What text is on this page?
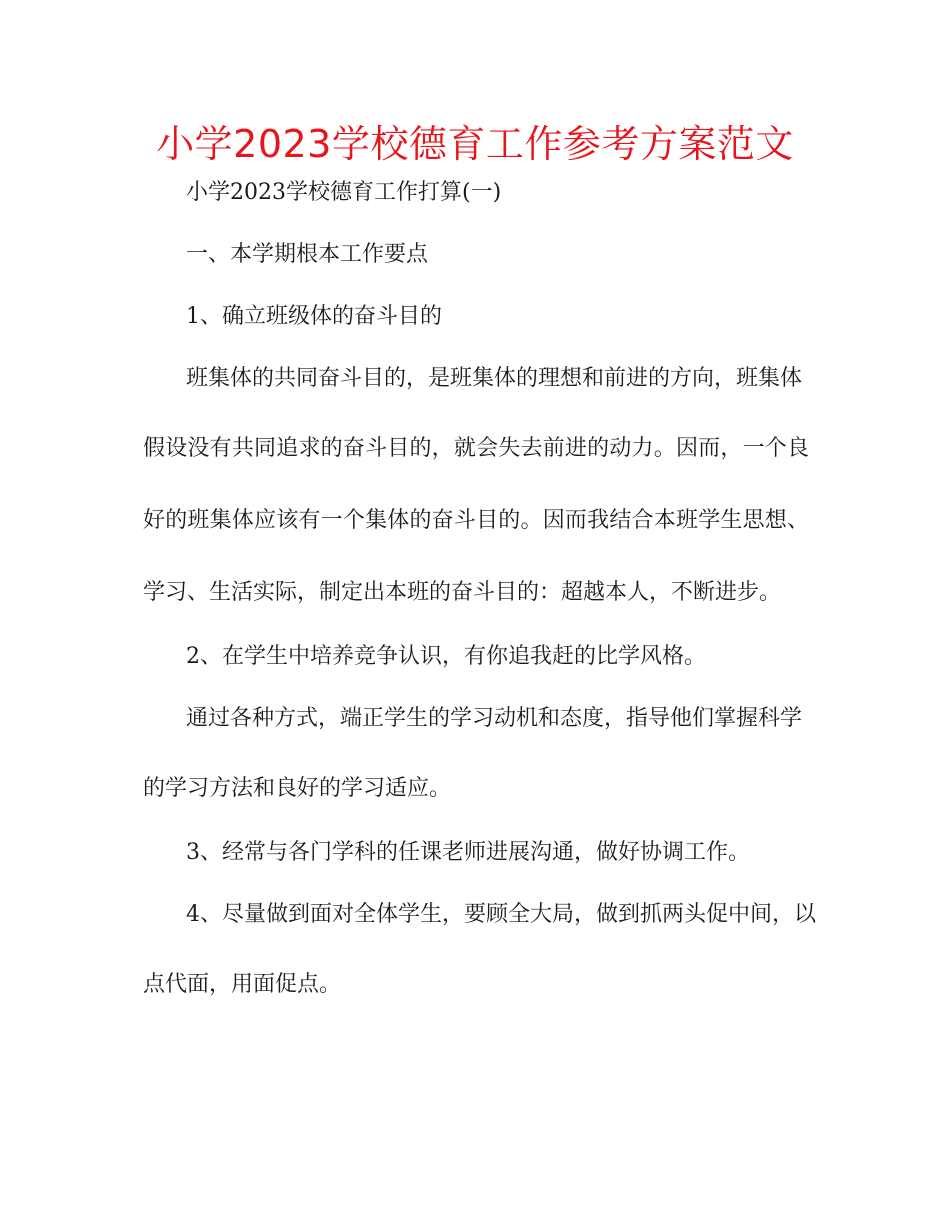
小学2023学校德育工作参考方案范文
小学2023学校德育工作打算(一)
一、本学期根本工作要点
1、确立班级体的奋斗目的
班集体的共同奋斗目的，是班集体的理想和前进的方向，班集体
假设没有共同追求的奋斗目的，就会失去前进的动力。因而，一个良
好的班集体应该有一个集体的奋斗目的。因而我结合本班学生思想、
学习、生活实际，制定出本班的奋斗目的：超越本人，不断进步。
2、在学生中培养竞争认识，有你追我赶的比学风格。
通过各种方式，端正学生的学习动机和态度，指导他们掌握科学
的学习方法和良好的学习适应。
3、经常与各门学科的任课老师进展沟通，做好协调工作。
4、尽量做到面对全体学生，要顾全大局，做到抓两头促中间，以
点代面，用面促点。
